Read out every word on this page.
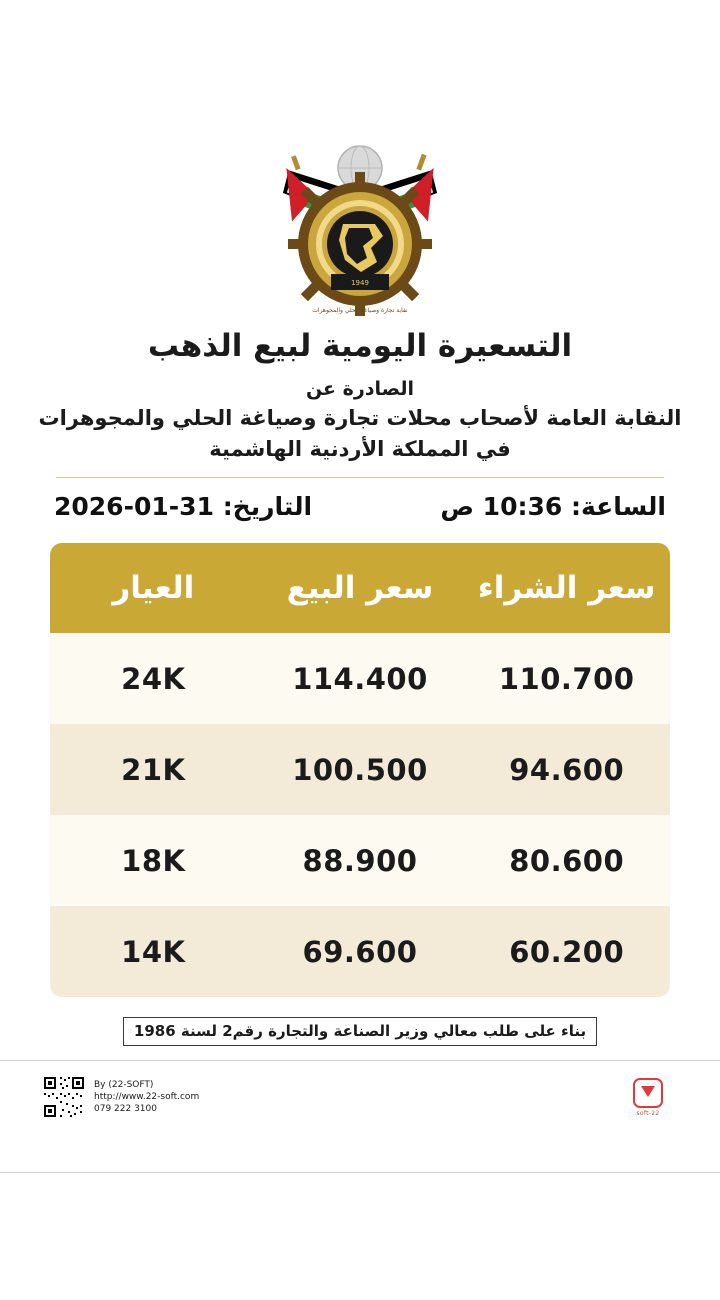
1949
نقابة تجارة وصياغة الحلي والمجوهرات
التسعيرة اليومية لبيع الذهب
الصادرة عن
النقابة العامة لأصحاب محلات تجارة وصياغة الحلي والمجوهرات
في المملكة الأردنية الهاشمية
التاريخ: 31-01-2026	الساعة: 10:36 ص
العيار	سعر البيع	سعر الشراء
24K	114.400	110.700
21K	100.500	94.600
18K	88.900	80.600
14K	69.600	60.200
بناء على طلب معالي وزير الصناعة والتجارة رقم2 لسنة 1986
22-soft
By (22-SOFT)
http://www.22-soft.com
079 222 3100
